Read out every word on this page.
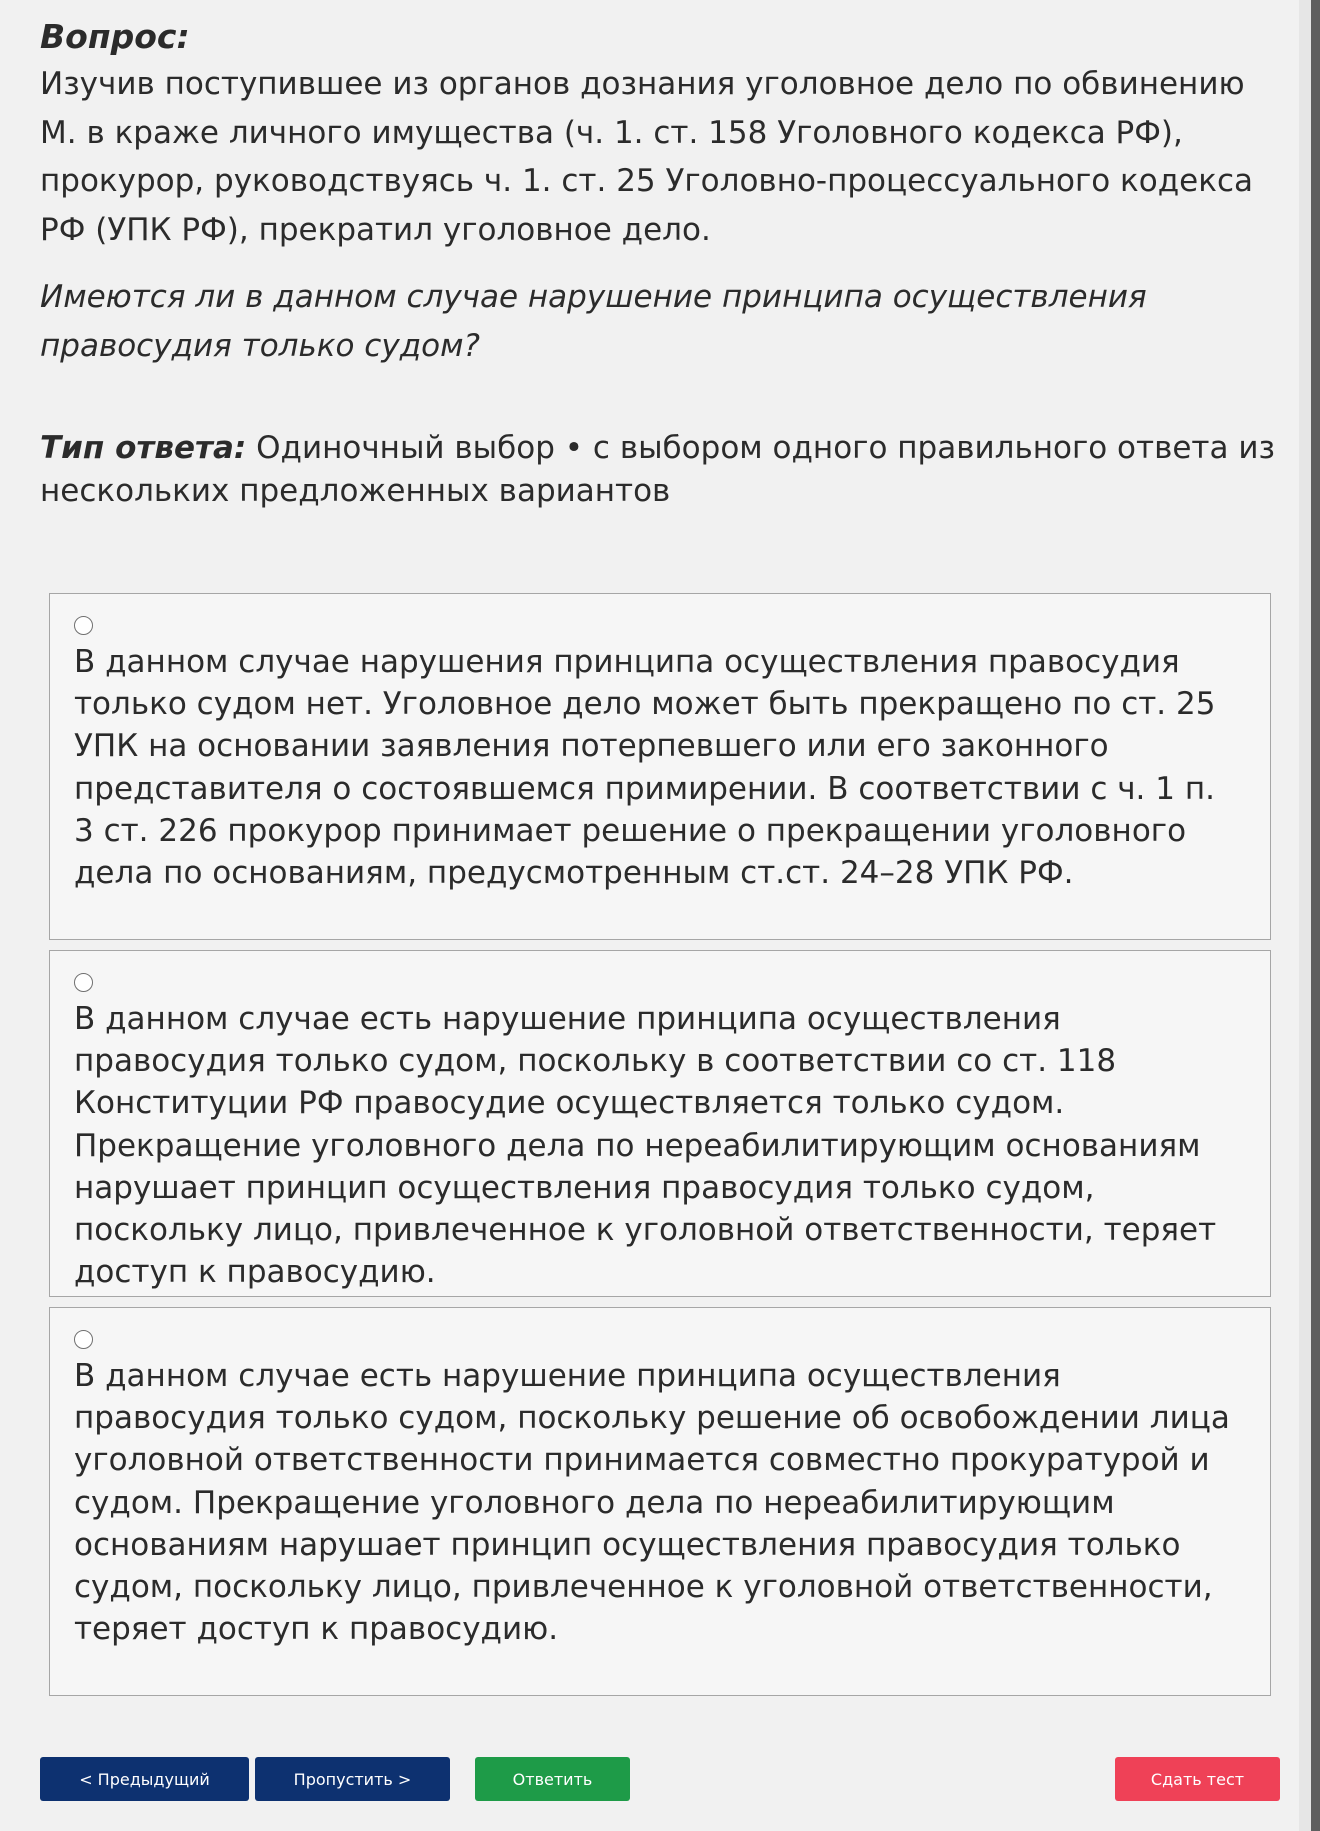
Вопрос:

Изучив поступившее из органов дознания уголовное дело по обвинению М. в краже личного имущества (ч. 1. ст. 158 Уголовного кодекса РФ), прокурор, руководствуясь ч. 1. ст. 25 Уголовно-процессуального кодекса РФ (УПК РФ), прекратил уголовное дело.

Имеются ли в данном случае нарушение принципа осуществления правосудия только судом?

Тип ответа: Одиночный выбор • с выбором одного правильного ответа из нескольких предложенных вариантов

В данном случае нарушения принципа осуществления правосудия только судом нет. Уголовное дело может быть прекращено по ст. 25 УПК на основании заявления потерпевшего или его законного представителя о состоявшемся примирении. В соответствии с ч. 1 п. 3 ст. 226 прокурор принимает решение о прекращении уголовного дела по основаниям, предусмотренным ст.ст. 24–28 УПК РФ.

В данном случае есть нарушение принципа осуществления правосудия только судом, поскольку в соответствии со ст. 118 Конституции РФ правосудие осуществляется только судом. Прекращение уголовного дела по нереабилитирующим основаниям нарушает принцип осуществления правосудия только судом, поскольку лицо, привлеченное к уголовной ответственности, теряет доступ к правосудию.

В данном случае есть нарушение принципа осуществления правосудия только судом, поскольку решение об освобождении лица уголовной ответственности принимается совместно прокуратурой и судом. Прекращение уголовного дела по нереабилитирующим основаниям нарушает принцип осуществления правосудия только судом, поскольку лицо, привлеченное к уголовной ответственности, теряет доступ к правосудию.

< Предыдущий	Пропустить >	Ответить	Сдать тест
